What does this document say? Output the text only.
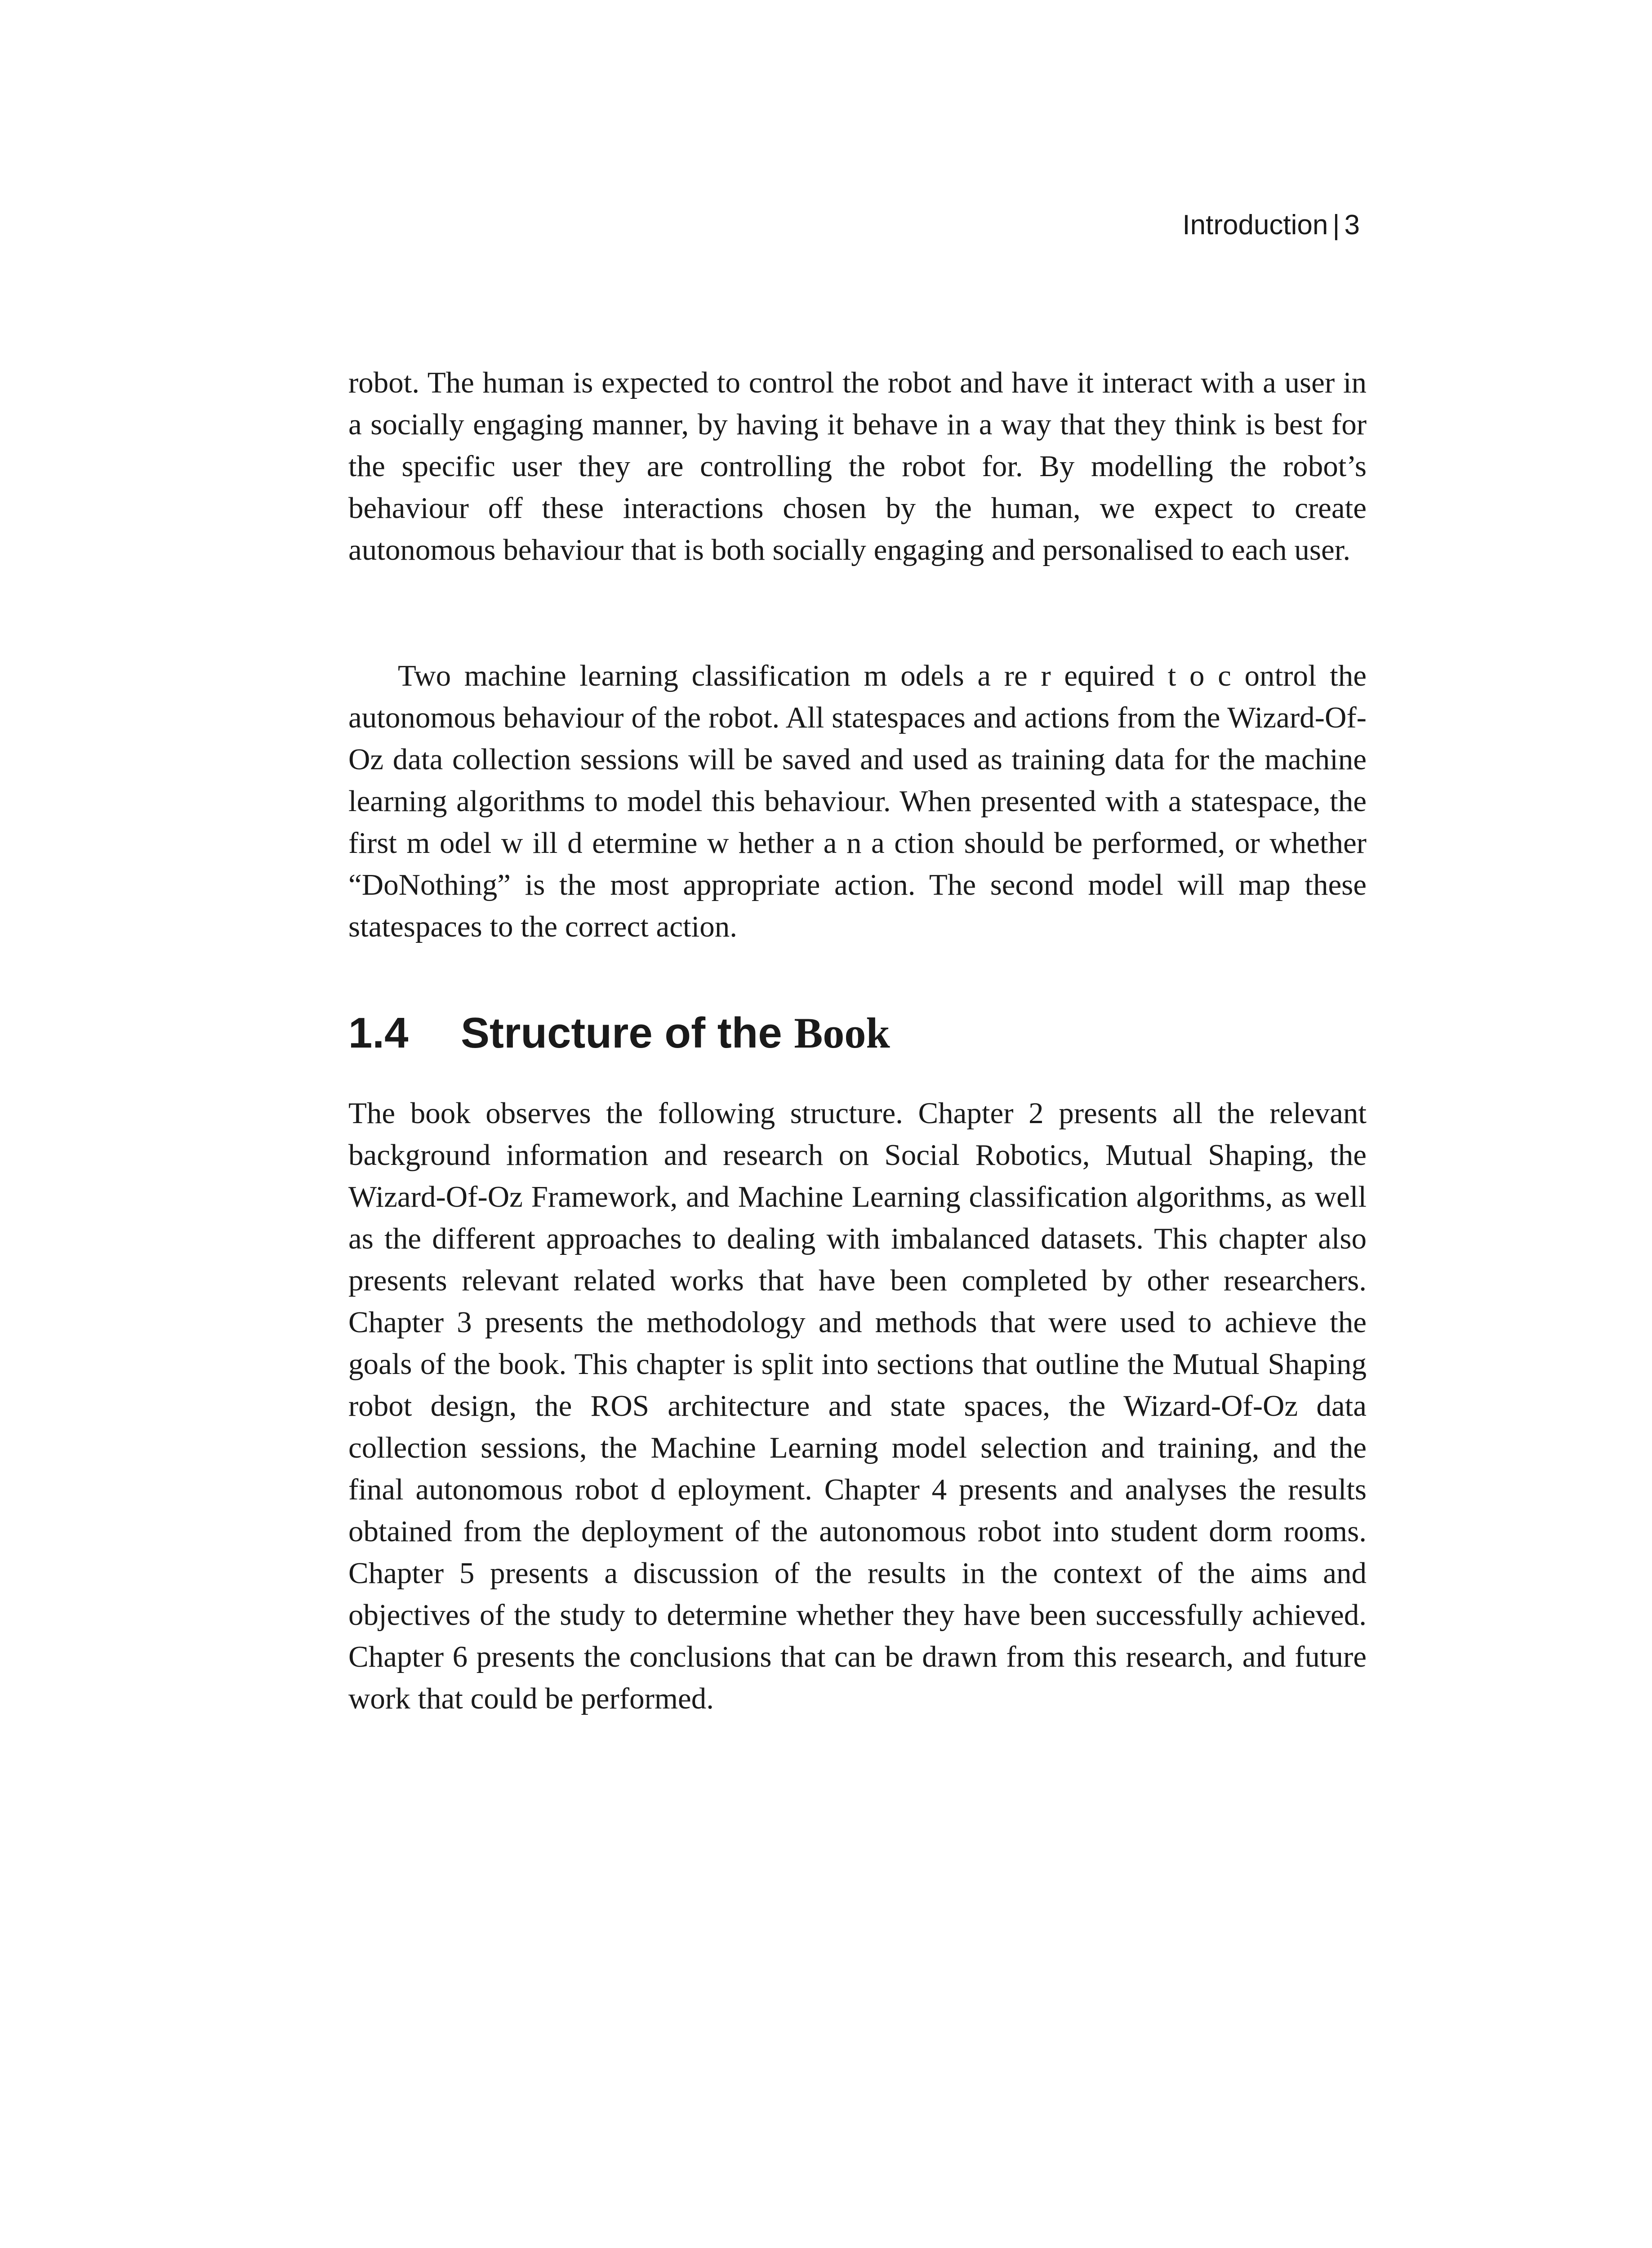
Introduction | 3

robot. The human is expected to control the robot and have it interact with a user in a socially engaging manner, by having it behave in a way that they think is best for the specific user they are controlling the robot for. By modelling the robot’s behaviour off these interactions chosen by the human, we expect to create autonomous behaviour that is both socially engaging and personalised to each user.

Two machine learning classification m odels a re r equired t o c ontrol the autonomous behaviour of the robot. All statespaces and actions from the Wizard-Of-Oz data collection sessions will be saved and used as training data for the machine learning algorithms to model this behaviour. When presented with a statespace, the first m odel w ill d etermine w hether a n a ction should be performed, or whether “DoNothing” is the most appropriate action. The second model will map these statespaces to the correct action.

1.4 Structure of the Book

The book observes the following structure. Chapter 2 presents all the relevant background information and research on Social Robotics, Mutual Shaping, the Wizard-Of-Oz Framework, and Machine Learning classification algorithms, as well as the different approaches to dealing with imbalanced datasets. This chapter also presents relevant related works that have been completed by other researchers. Chapter 3 presents the methodology and methods that were used to achieve the goals of the book. This chapter is split into sections that outline the Mutual Shaping robot design, the ROS architecture and state spaces, the Wizard-Of-Oz data collection sessions, the Machine Learning model selection and training, and the final autonomous robot d eployment. Chapter 4 presents and analyses the results obtained from the deployment of the autonomous robot into student dorm rooms. Chapter 5 presents a discussion of the results in the context of the aims and objectives of the study to determine whether they have been successfully achieved. Chapter 6 presents the conclusions that can be drawn from this research, and future work that could be performed.
